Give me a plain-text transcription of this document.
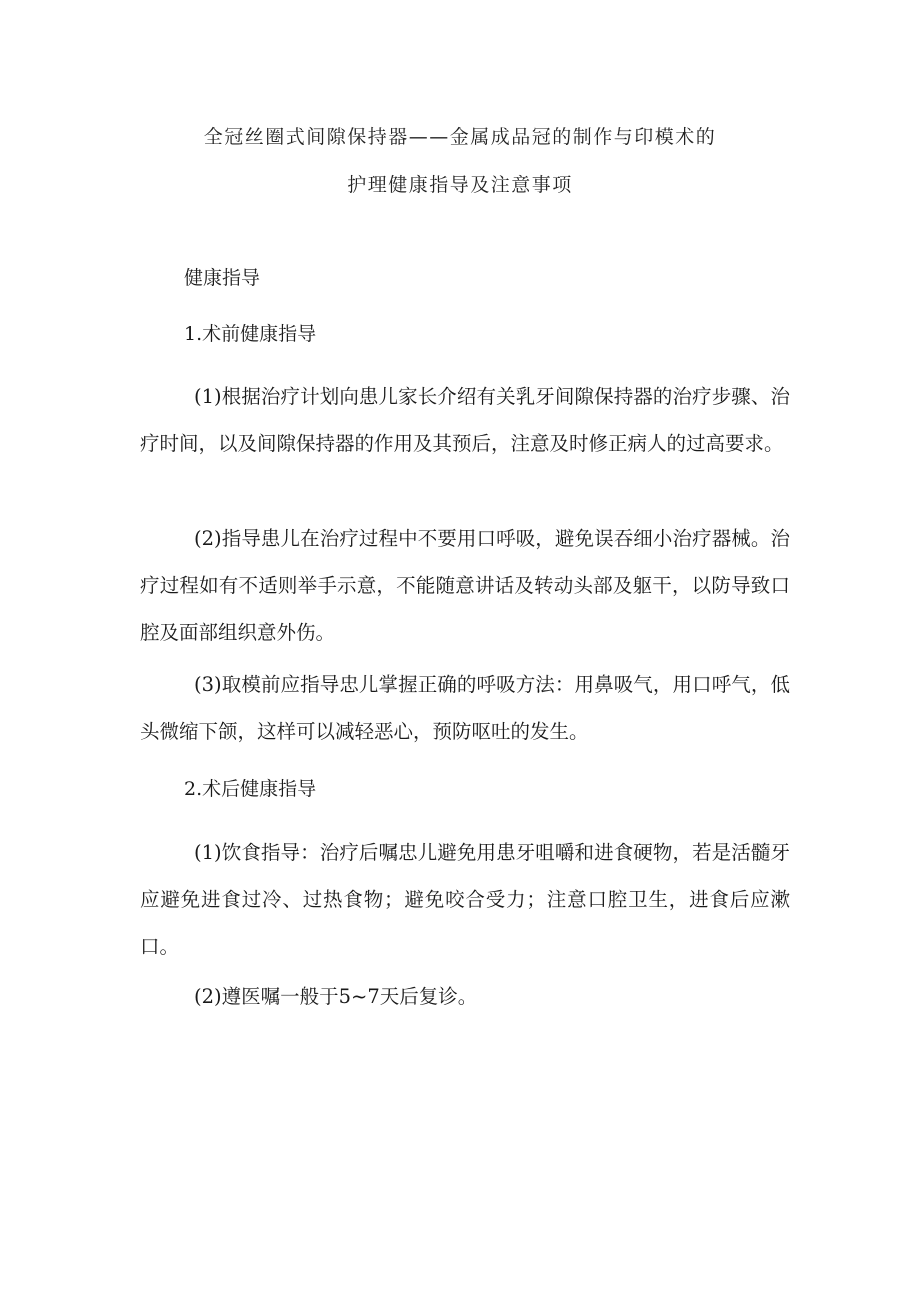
全冠丝圈式间隙保持器——金属成品冠的制作与印模术的
护理健康指导及注意事项
健康指导
1.术前健康指导

(1)根据治疗计划向患儿家长介绍有关乳牙间隙保持器的治疗步骤、治疗时间，以及间隙保持器的作用及其预后，注意及时修正病人的过高要求。

(2)指导患儿在治疗过程中不要用口呼吸，避免误吞细小治疗器械。治疗过程如有不适则举手示意，不能随意讲话及转动头部及躯干，以防导致口腔及面部组织意外伤。

(3)取模前应指导忠儿掌握正确的呼吸方法：用鼻吸气，用口呼气，低头微缩下颌，这样可以减轻恶心，预防呕吐的发生。

2.术后健康指导

(1)饮食指导：治疗后嘱忠儿避免用患牙咀嚼和进食硬物，若是活髓牙应避免进食过冷、过热食物；避免咬合受力；注意口腔卫生，进食后应漱口。

(2)遵医嘱一般于5~7天后复诊。
